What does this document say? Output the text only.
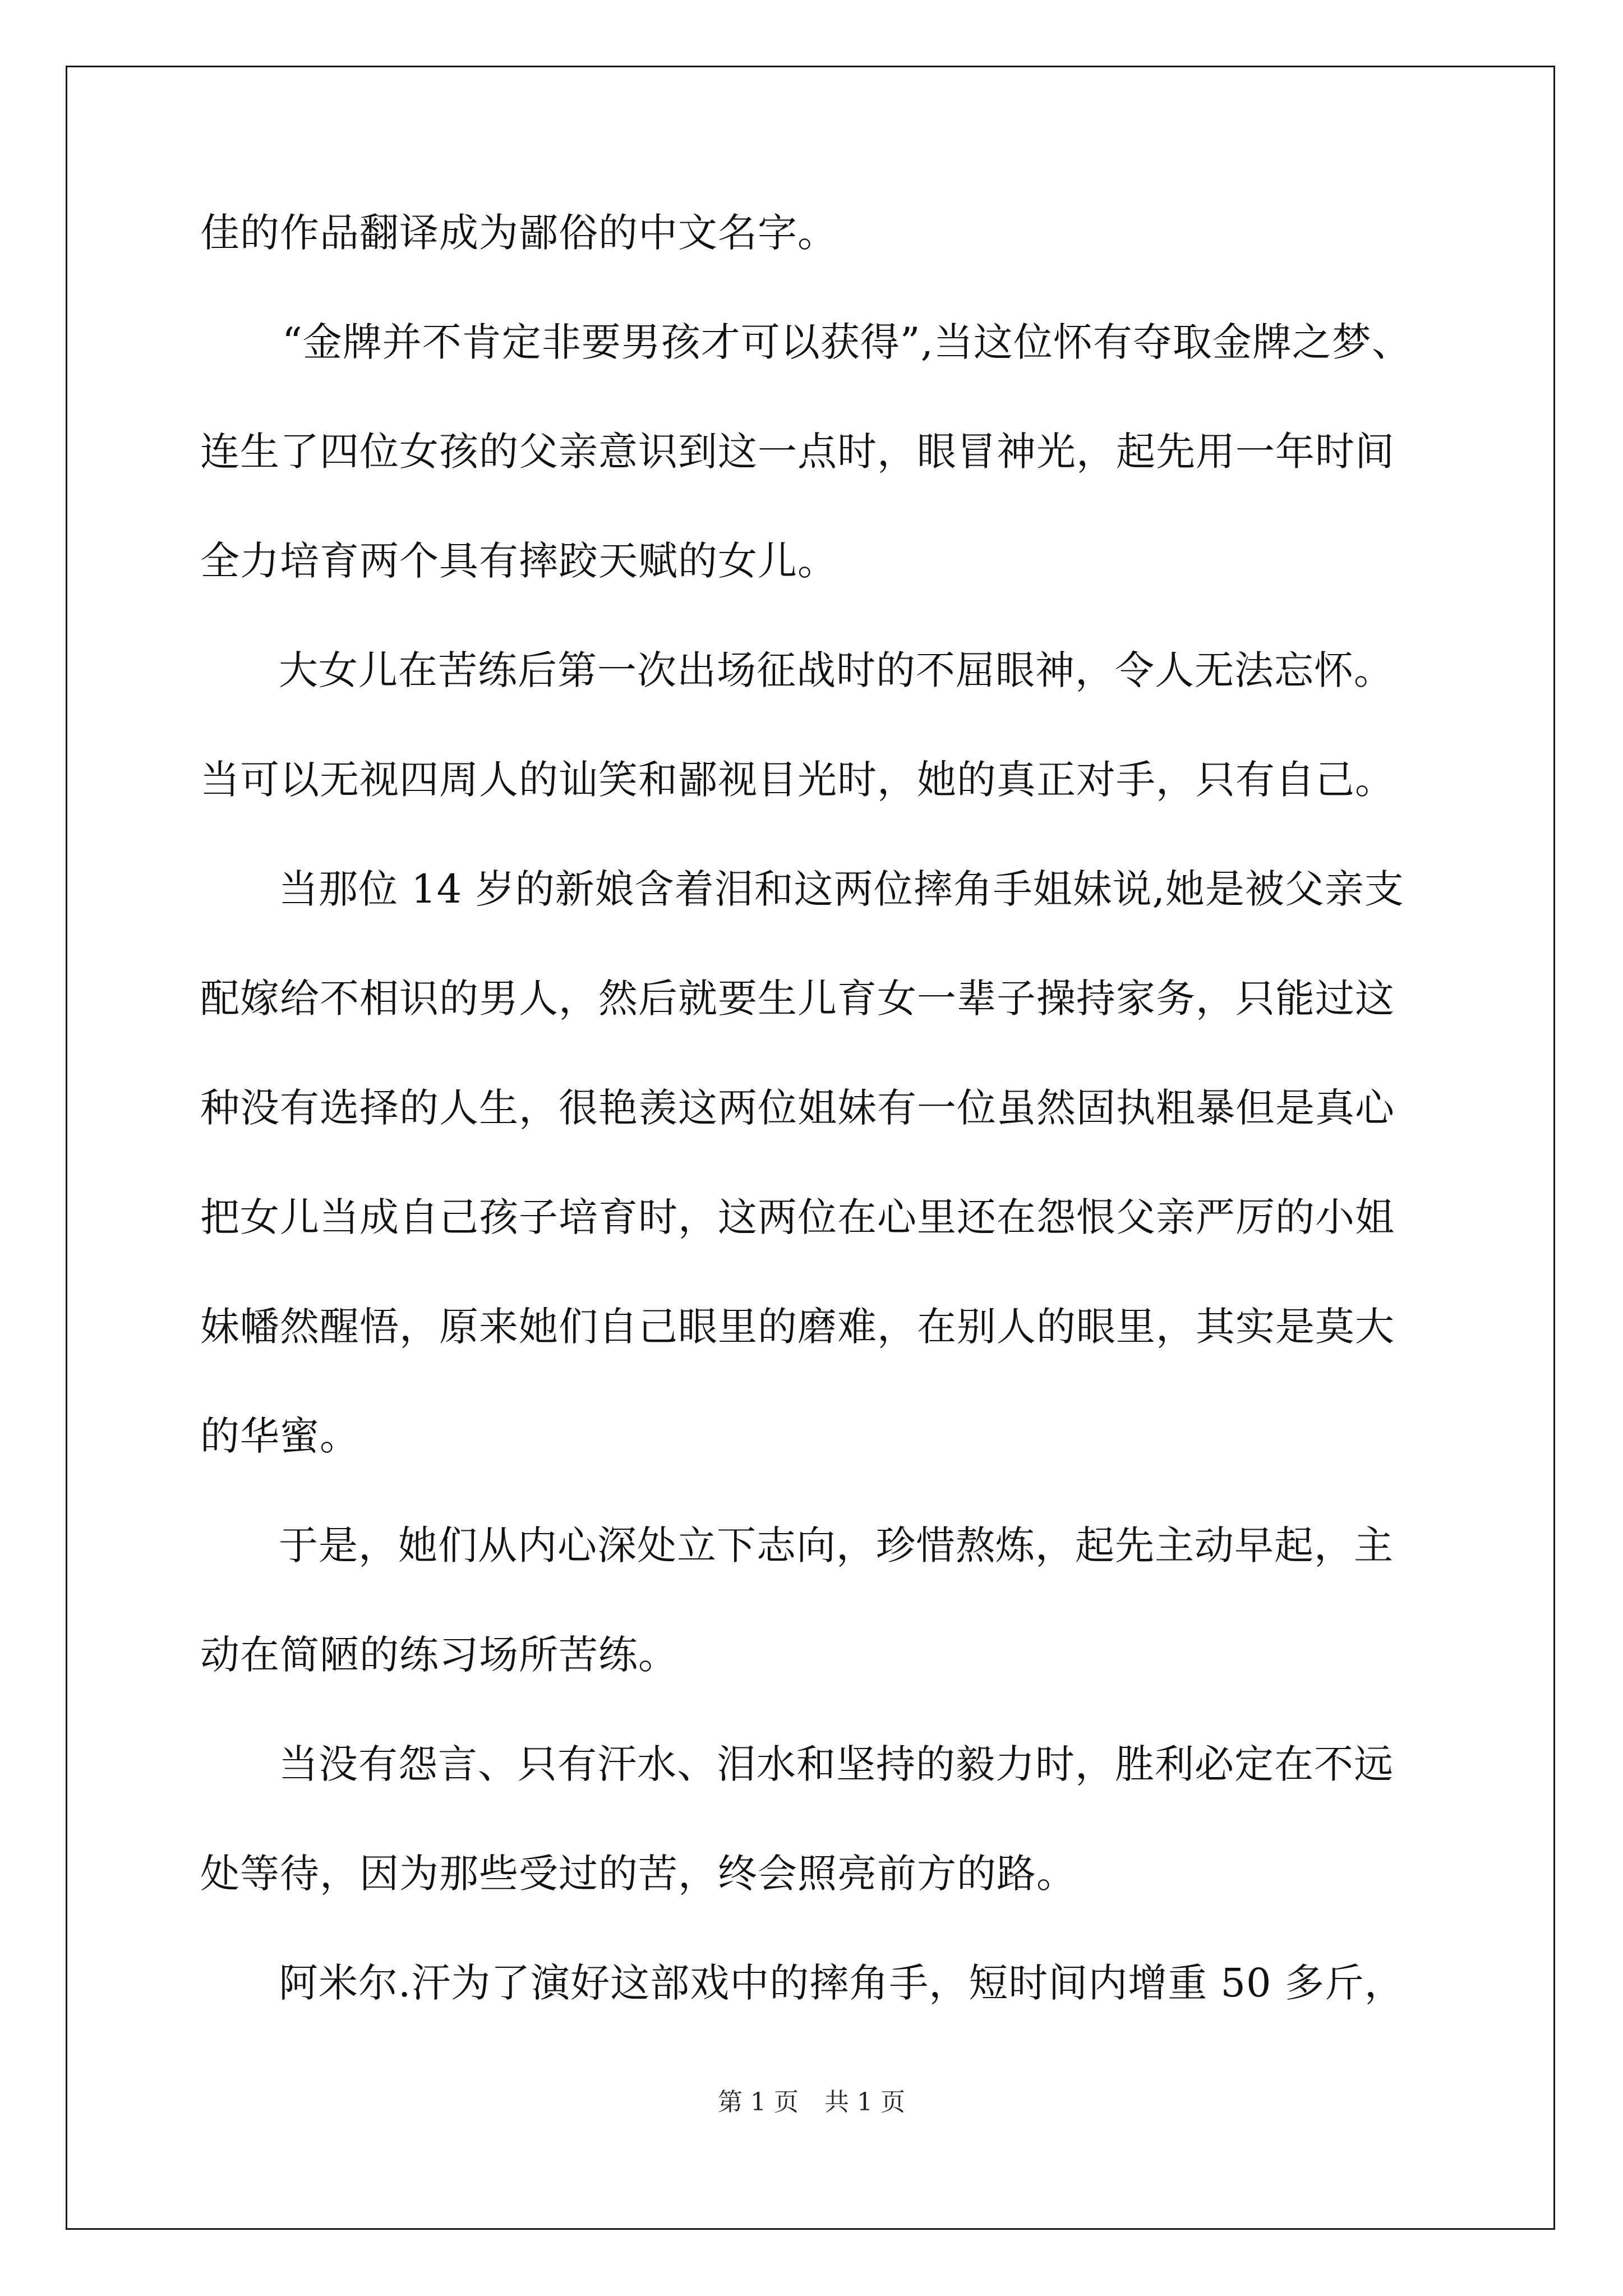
佳的作品翻译成为鄙俗的中文名字。
“金牌并不肯定非要男孩才可以获得”,当这位怀有夺取金牌之梦、
连生了四位女孩的父亲意识到这一点时，眼冒神光，起先用一年时间
全力培育两个具有摔跤天赋的女儿。
大女儿在苦练后第一次出场征战时的不屈眼神，令人无法忘怀。
当可以无视四周人的讪笑和鄙视目光时，她的真正对手，只有自己。
当那位 14 岁的新娘含着泪和这两位摔角手姐妹说,她是被父亲支
配嫁给不相识的男人，然后就要生儿育女一辈子操持家务，只能过这
种没有选择的人生，很艳羡这两位姐妹有一位虽然固执粗暴但是真心
把女儿当成自己孩子培育时，这两位在心里还在怨恨父亲严厉的小姐
妹幡然醒悟，原来她们自己眼里的磨难，在别人的眼里，其实是莫大
的华蜜。
于是，她们从内心深处立下志向，珍惜熬炼，起先主动早起，主
动在简陋的练习场所苦练。
当没有怨言、只有汗水、泪水和坚持的毅力时，胜利必定在不远
处等待，因为那些受过的苦，终会照亮前方的路。
阿米尔.汗为了演好这部戏中的摔角手，短时间内增重 50 多斤，
第 1 页 共 1 页
